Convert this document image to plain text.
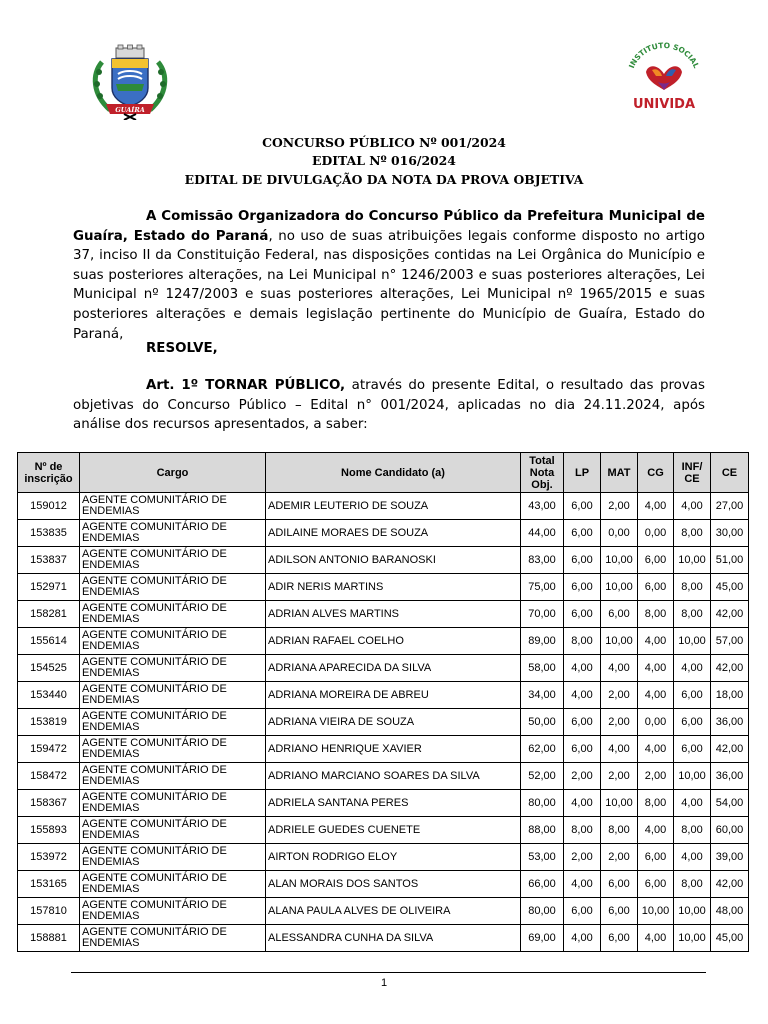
GUAÍRA
INSTITUTO SOCIAL
UNIVIDA
CONCURSO PÚBLICO Nº 001/2024
EDITAL Nº 016/2024
EDITAL DE DIVULGAÇÃO DA NOTA DA PROVA OBJETIVA
A Comissão Organizadora do Concurso Público da Prefeitura Municipal de Guaíra, Estado do Paraná, no uso de suas atribuições legais conforme disposto no artigo 37, inciso II da Constituição Federal, nas disposições contidas na Lei Orgânica do Município e suas posteriores alterações, na Lei Municipal n° 1246/2003 e suas posteriores alterações, Lei Municipal nº 1247/2003 e suas posteriores alterações, Lei Municipal nº 1965/2015 e suas posteriores alterações e demais legislação pertinente do Município de Guaíra, Estado do Paraná,
RESOLVE,
Art. 1º TORNAR PÚBLICO, através do presente Edital, o resultado das provas objetivas do Concurso Público – Edital n° 001/2024, aplicadas no dia 24.11.2024, após análise dos recursos apresentados, a saber:
Nº de inscrição	Cargo	Nome Candidato (a)	Total Nota Obj.	LP	MAT	CG	INF/ CE	CE
159012	AGENTE COMUNITÁRIO DE ENDEMIAS	ADEMIR LEUTERIO DE SOUZA	43,00	6,00	2,00	4,00	4,00	27,00
153835	AGENTE COMUNITÁRIO DE ENDEMIAS	ADILAINE MORAES DE SOUZA	44,00	6,00	0,00	0,00	8,00	30,00
153837	AGENTE COMUNITÁRIO DE ENDEMIAS	ADILSON ANTONIO BARANOSKI	83,00	6,00	10,00	6,00	10,00	51,00
152971	AGENTE COMUNITÁRIO DE ENDEMIAS	ADIR NERIS MARTINS	75,00	6,00	10,00	6,00	8,00	45,00
158281	AGENTE COMUNITÁRIO DE ENDEMIAS	ADRIAN ALVES MARTINS	70,00	6,00	6,00	8,00	8,00	42,00
155614	AGENTE COMUNITÁRIO DE ENDEMIAS	ADRIAN RAFAEL COELHO	89,00	8,00	10,00	4,00	10,00	57,00
154525	AGENTE COMUNITÁRIO DE ENDEMIAS	ADRIANA APARECIDA DA SILVA	58,00	4,00	4,00	4,00	4,00	42,00
153440	AGENTE COMUNITÁRIO DE ENDEMIAS	ADRIANA MOREIRA DE ABREU	34,00	4,00	2,00	4,00	6,00	18,00
153819	AGENTE COMUNITÁRIO DE ENDEMIAS	ADRIANA VIEIRA DE SOUZA	50,00	6,00	2,00	0,00	6,00	36,00
159472	AGENTE COMUNITÁRIO DE ENDEMIAS	ADRIANO HENRIQUE XAVIER	62,00	6,00	4,00	4,00	6,00	42,00
158472	AGENTE COMUNITÁRIO DE ENDEMIAS	ADRIANO MARCIANO SOARES DA SILVA	52,00	2,00	2,00	2,00	10,00	36,00
158367	AGENTE COMUNITÁRIO DE ENDEMIAS	ADRIELA SANTANA PERES	80,00	4,00	10,00	8,00	4,00	54,00
155893	AGENTE COMUNITÁRIO DE ENDEMIAS	ADRIELE GUEDES CUENETE	88,00	8,00	8,00	4,00	8,00	60,00
153972	AGENTE COMUNITÁRIO DE ENDEMIAS	AIRTON RODRIGO ELOY	53,00	2,00	2,00	6,00	4,00	39,00
153165	AGENTE COMUNITÁRIO DE ENDEMIAS	ALAN MORAIS DOS SANTOS	66,00	4,00	6,00	6,00	8,00	42,00
157810	AGENTE COMUNITÁRIO DE ENDEMIAS	ALANA PAULA ALVES DE OLIVEIRA	80,00	6,00	6,00	10,00	10,00	48,00
158881	AGENTE COMUNITÁRIO DE ENDEMIAS	ALESSANDRA CUNHA DA SILVA	69,00	4,00	6,00	4,00	10,00	45,00
1
